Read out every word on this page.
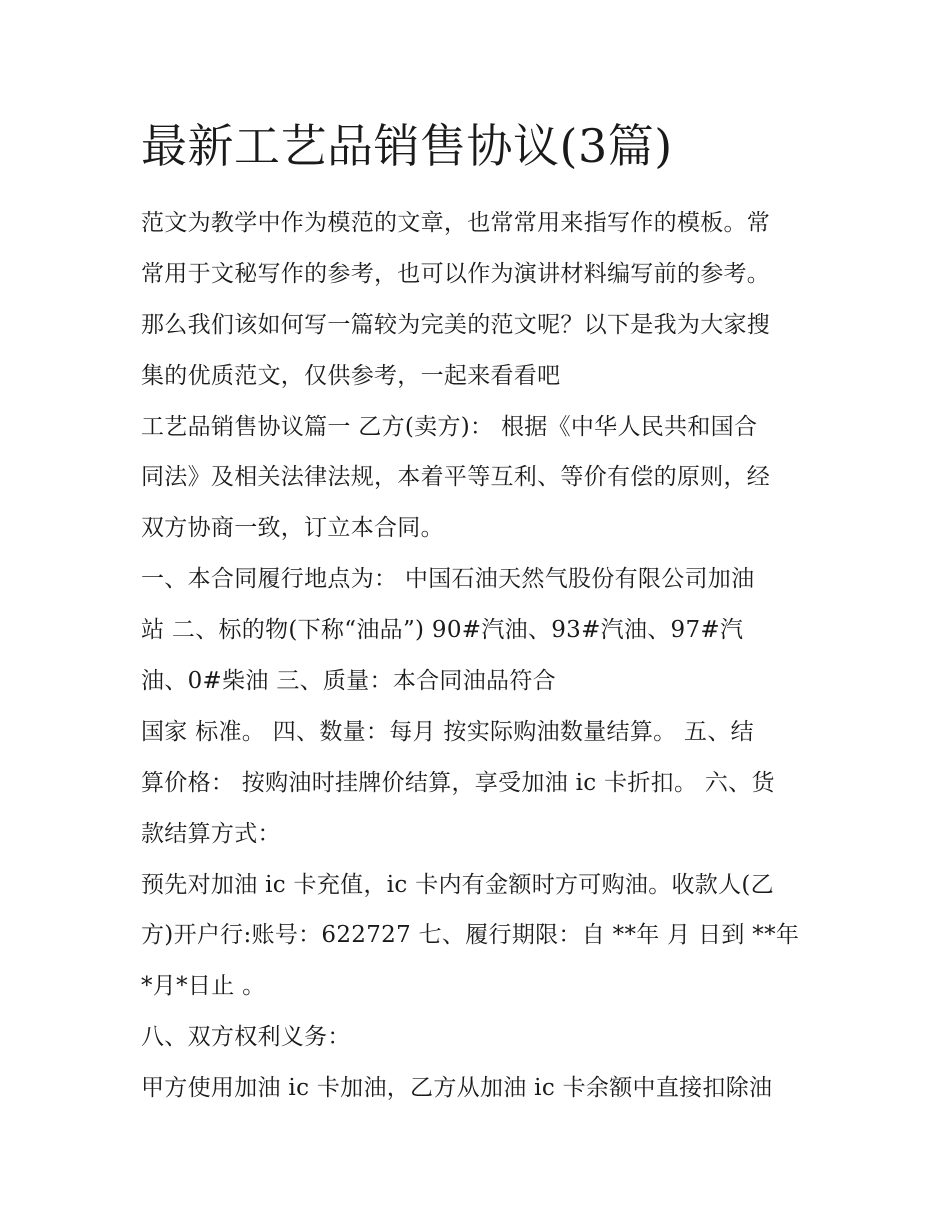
最新工艺品销售协议(3篇)
范文为教学中作为模范的文章，也常常用来指写作的模板。常
常用于文秘写作的参考，也可以作为演讲材料编写前的参考。
那么我们该如何写一篇较为完美的范文呢？以下是我为大家搜
集的优质范文，仅供参考，一起来看看吧
工艺品销售协议篇一 乙方(卖方)： 根据《中华人民共和国合
同法》及相关法律法规，本着平等互利、等价有偿的原则，经
双方协商一致，订立本合同。
一、本合同履行地点为： 中国石油天然气股份有限公司加油
站 二、标的物(下称“油品”) 90#汽油、93#汽油、97#汽
油、0#柴油 三、质量：本合同油品符合
国家 标准。 四、数量：每月 按实际购油数量结算。 五、结
算价格： 按购油时挂牌价结算，享受加油 ic 卡折扣。 六、货
款结算方式：
预先对加油 ic 卡充值，ic 卡内有金额时方可购油。收款人(乙
方)开户行:账号：622727 七、履行期限：自 **年 月 日到 **年
*月*日止 。
八、双方权利义务：
甲方使用加油 ic 卡加油，乙方从加油 ic 卡余额中直接扣除油
